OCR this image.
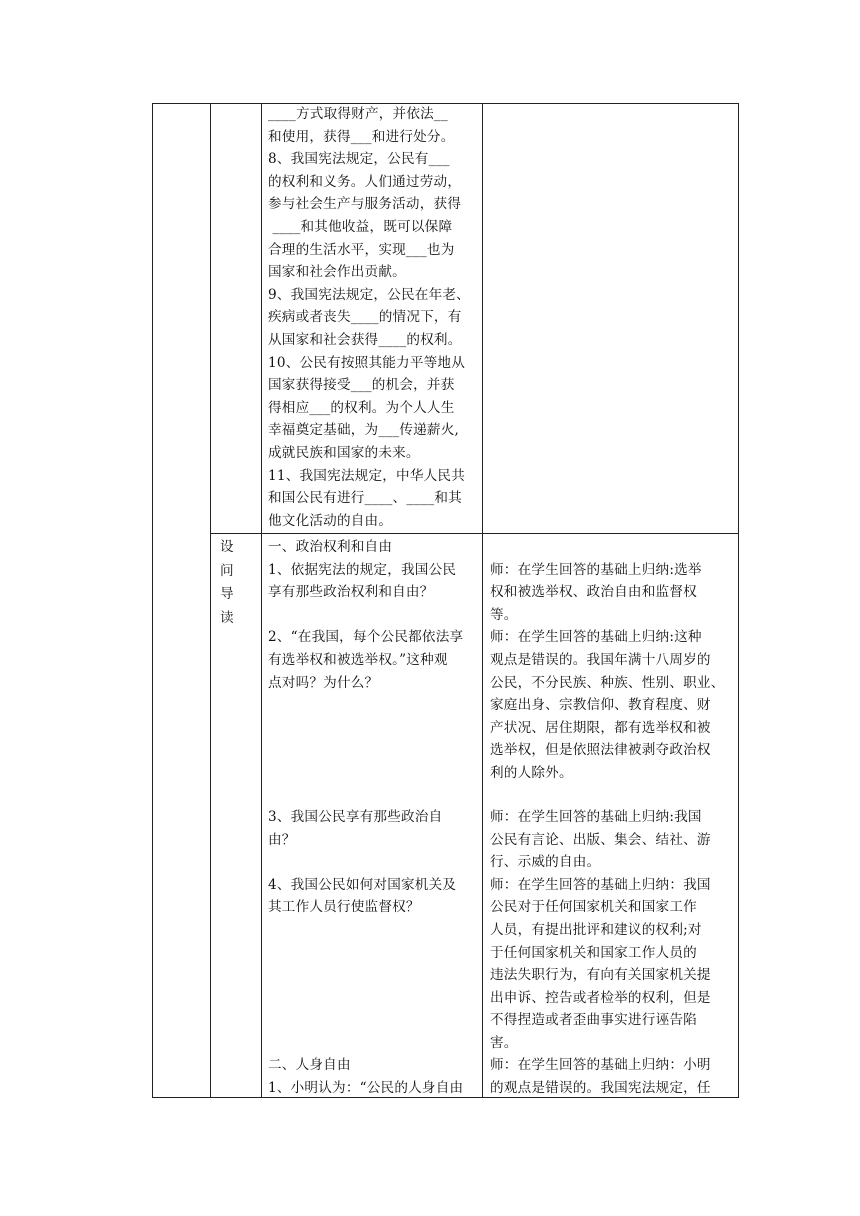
____方式取得财产，并依法__
和使用，获得___和进行处分。
8、我国宪法规定，公民有___
的权利和义务。人们通过劳动，
参与社会生产与服务活动，获得
____和其他收益，既可以保障
合理的生活水平，实现___也为
国家和社会作出贡献。
9、我国宪法规定，公民在年老、
疾病或者丧失____的情况下，有
从国家和社会获得____的权利。
10、公民有按照其能力平等地从
国家获得接受___的机会，并获
得相应___的权利。为个人人生
幸福奠定基础，为___传递薪火,
成就民族和国家的未来。
11、我国宪法规定，中华人民共
和国公民有进行____、____和其
他文化活动的自由。
设
问
导
读
一、政治权利和自由
1、依据宪法的规定，我国公民
享有那些政治权利和自由？
2、“在我国，每个公民都依法享
有选举权和被选举权。”这种观
点对吗？为什么？
3、我国公民享有那些政治自
由？
4、我国公民如何对国家机关及
其工作人员行使监督权？
二、人身自由
1、小明认为：“公民的人身自由
师：在学生回答的基础上归纳:选举
权和被选举权、政治自由和监督权
等。
师：在学生回答的基础上归纳:这种
观点是错误的。我国年满十八周岁的
公民，不分民族、种族、性别、职业、
家庭出身、宗教信仰、教育程度、财
产状况、居住期限，都有选举权和被
选举权，但是依照法律被剥夺政治权
利的人除外。
师：在学生回答的基础上归纳:我国
公民有言论、出版、集会、结社、游
行、示威的自由。
师：在学生回答的基础上归纳：我国
公民对于任何国家机关和国家工作
人员，有提出批评和建议的权利;对
于任何国家机关和国家工作人员的
违法失职行为，有向有关国家机关提
出申诉、控告或者检举的权利，但是
不得捏造或者歪曲事实进行诬告陷
害。
师：在学生回答的基础上归纳：小明
的观点是错误的。我国宪法规定，任
